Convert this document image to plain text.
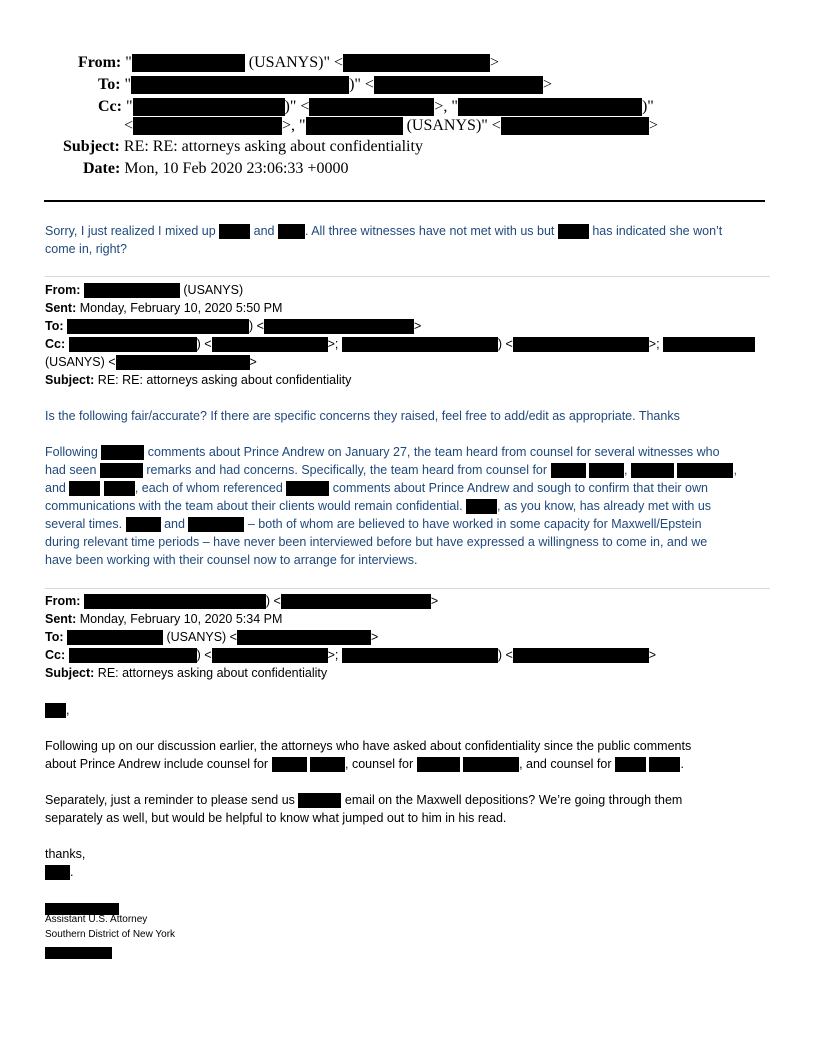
From: "	(USANYS)" <	>
To: "	)" <	>
Cc: "	)" <	>, "	)"
<	>, "	(USANYS)" <	>
Subject: RE: RE: attorneys asking about confidentiality
Date: Mon, 10 Feb 2020 23:06:33 +0000
Sorry, I just realized I mixed up  and . All three witnesses have not met with us but  has indicated she won’t
come in, right?
From:	(USANYS)
Sent: Monday, February 10, 2020 5:50 PM
To:	) <	>
Cc:	) <	>;	) <	>;
(USANYS) <	>
Subject: RE: RE: attorneys asking about confidentiality
Is the following fair/accurate? If there are specific concerns they raised, feel free to add/edit as appropriate. Thanks
Following	comments about Prince Andrew on January 27, the team heard from counsel for several witnesses who
had seen	remarks and had concerns. Specifically, the team heard from counsel for	,	,
and	, each of whom referenced	comments about Prince Andrew and sough to confirm that their own
communications with the team about their clients would remain confidential. , as you know, has already met with us
several times.	and	– both of whom are believed to have worked in some capacity for Maxwell/Epstein
during relevant time periods – have never been interviewed before but have expressed a willingness to come in, and we
have been working with their counsel now to arrange for interviews.
From:	) <	>
Sent: Monday, February 10, 2020 5:34 PM
To:	(USANYS) <	>
Cc:	) <	>;	) <	>
Subject: RE: attorneys asking about confidentiality
,
Following up on our discussion earlier, the attorneys who have asked about confidentiality since the public comments
about Prince Andrew include counsel for	, counsel for	, and counsel for	.
Separately, just a reminder to please send us	email on the Maxwell depositions? We’re going through them
separately as well, but would be helpful to know what jumped out to him in his read.
thanks,
.
Assistant U.S. Attorney
Southern District of New York
